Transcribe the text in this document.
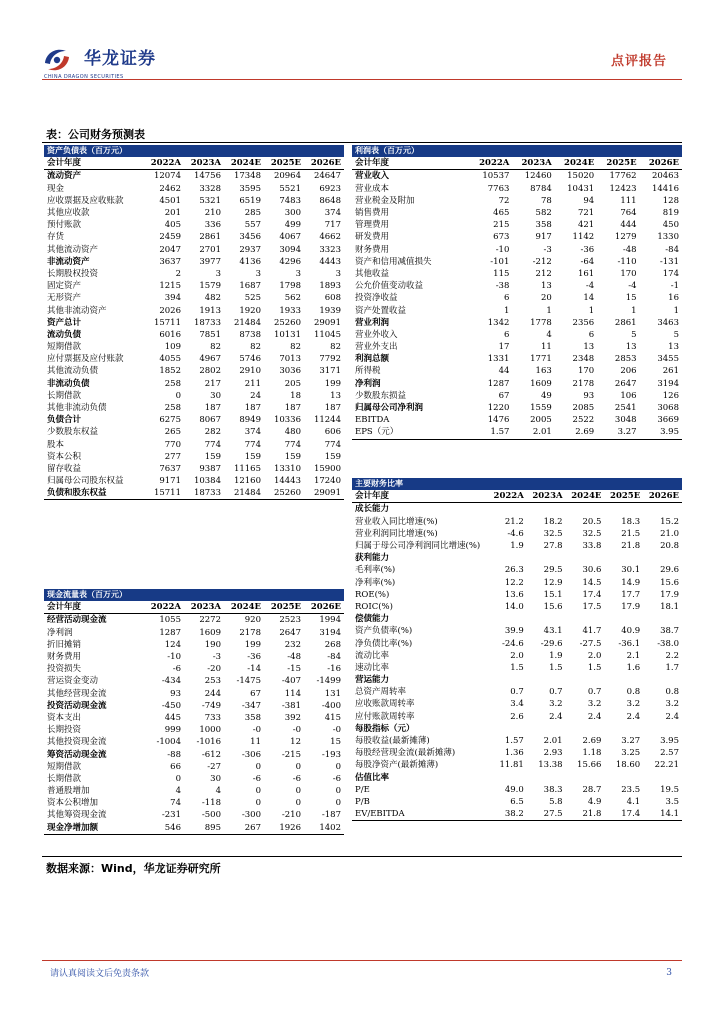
华龙证券
CHINA DRAGON SECURITIES
点评报告
表：公司财务预测表
资产负债表（百万元）					
会计年度	2022A	2023A	2024E	2025E	2026E
流动资产	12074	14756	17348	20964	24647
现金	2462	3328	3595	5521	6923
应收票据及应收账款	4501	5321	6519	7483	8648
其他应收款	201	210	285	300	374
预付账款	405	336	557	499	717
存货	2459	2861	3456	4067	4662
其他流动资产	2047	2701	2937	3094	3323
非流动资产	3637	3977	4136	4296	4443
长期股权投资	2	3	3	3	3
固定资产	1215	1579	1687	1798	1893
无形资产	394	482	525	562	608
其他非流动资产	2026	1913	1920	1933	1939
资产总计	15711	18733	21484	25260	29091
流动负债	6016	7851	8738	10131	11045
短期借款	109	82	82	82	82
应付票据及应付账款	4055	4967	5746	7013	7792
其他流动负债	1852	2802	2910	3036	3171
非流动负债	258	217	211	205	199
长期借款	0	30	24	18	13
其他非流动负债	258	187	187	187	187
负债合计	6275	8067	8949	10336	11244
少数股东权益	265	282	374	480	606
股本	770	774	774	774	774
资本公积	277	159	159	159	159
留存收益	7637	9387	11165	13310	15900
归属母公司股东权益	9171	10384	12160	14443	17240
负债和股东权益	15711	18733	21484	25260	29091
利润表（百万元）					
会计年度	2022A	2023A	2024E	2025E	2026E
营业收入	10537	12460	15020	17762	20463
营业成本	7763	8784	10431	12423	14416
营业税金及附加	72	78	94	111	128
销售费用	465	582	721	764	819
管理费用	215	358	421	444	450
研发费用	673	917	1142	1279	1330
财务费用	-10	-3	-36	-48	-84
资产和信用减值损失	-101	-212	-64	-110	-131
其他收益	115	212	161	170	174
公允价值变动收益	-38	13	-4	-4	-1
投资净收益	6	20	14	15	16
资产处置收益	1	1	1	1	1
营业利润	1342	1778	2356	2861	3463
营业外收入	6	4	6	5	5
营业外支出	17	11	13	13	13
利润总额	1331	1771	2348	2853	3455
所得税	44	163	170	206	261
净利润	1287	1609	2178	2647	3194
少数股东损益	67	49	93	106	126
归属母公司净利润	1220	1559	2085	2541	3068
EBITDA	1476	2005	2522	3048	3669
EPS（元）	1.57	2.01	2.69	3.27	3.95
主要财务比率					
会计年度	2022A	2023A	2024E	2025E	2026E
成长能力					
营业收入同比增速(%)	21.2	18.2	20.5	18.3	15.2
营业利润同比增速(%)	-4.6	32.5	32.5	21.5	21.0
归属于母公司净利润同比增速(%)	1.9	27.8	33.8	21.8	20.8
获利能力					
毛利率(%)	26.3	29.5	30.6	30.1	29.6
净利率(%)	12.2	12.9	14.5	14.9	15.6
ROE(%)	13.6	15.1	17.4	17.7	17.9
ROIC(%)	14.0	15.6	17.5	17.9	18.1
偿债能力					
资产负债率(%)	39.9	43.1	41.7	40.9	38.7
净负债比率(%)	-24.6	-29.6	-27.5	-36.1	-38.0
流动比率	2.0	1.9	2.0	2.1	2.2
速动比率	1.5	1.5	1.5	1.6	1.7
营运能力					
总资产周转率	0.7	0.7	0.7	0.8	0.8
应收账款周转率	3.4	3.2	3.2	3.2	3.2
应付账款周转率	2.6	2.4	2.4	2.4	2.4
每股指标（元）					
每股收益(最新摊薄)	1.57	2.01	2.69	3.27	3.95
每股经营现金流(最新摊薄)	1.36	2.93	1.18	3.25	2.57
每股净资产(最新摊薄)	11.81	13.38	15.66	18.60	22.21
估值比率					
P/E	49.0	38.3	28.7	23.5	19.5
P/B	6.5	5.8	4.9	4.1	3.5
EV/EBITDA	38.2	27.5	21.8	17.4	14.1
现金流量表（百万元）					
会计年度	2022A	2023A	2024E	2025E	2026E
经营活动现金流	1055	2272	920	2523	1994
净利润	1287	1609	2178	2647	3194
折旧摊销	124	190	199	232	268
财务费用	-10	-3	-36	-48	-84
投资损失	-6	-20	-14	-15	-16
营运资金变动	-434	253	-1475	-407	-1499
其他经营现金流	93	244	67	114	131
投资活动现金流	-450	-749	-347	-381	-400
资本支出	445	733	358	392	415
长期投资	999	1000	-0	-0	-0
其他投资现金流	-1004	-1016	11	12	15
筹资活动现金流	-88	-612	-306	-215	-193
短期借款	66	-27	0	0	0
长期借款	0	30	-6	-6	-6
普通股增加	4	4	0	0	0
资本公积增加	74	-118	0	0	0
其他筹资现金流	-231	-500	-300	-210	-187
现金净增加额	546	895	267	1926	1402
数据来源：Wind，华龙证券研究所
请认真阅读文后免责条款	3
